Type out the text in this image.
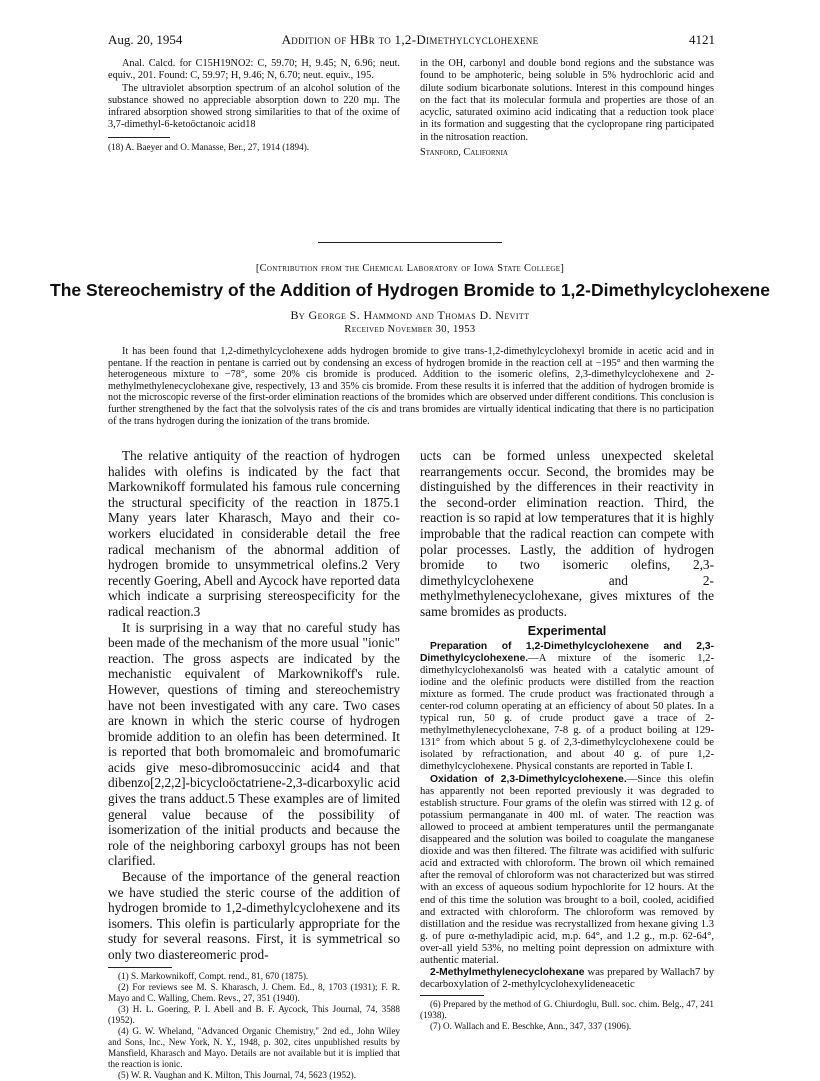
Aug. 20, 1954	Addition of HBr to 1,2-Dimethylcyclohexene	4121

Anal. Calcd. for C15H19NO2: C, 59.70; H, 9.45; N, 6.96; neut. equiv., 201. Found: C, 59.97; H, 9.46; N, 6.70; neut. equiv., 195.

The ultraviolet absorption spectrum of an alcohol solution of the substance showed no appreciable absorption down to 220 mμ. The infrared absorption showed strong similarities to that of the oxime of 3,7-dimethyl-6-ketoöctanoic acid18

(18) A. Baeyer and O. Manasse, Ber., 27, 1914 (1894).

in the OH, carbonyl and double bond regions and the substance was found to be amphoteric, being soluble in 5% hydrochloric acid and dilute sodium bicarbonate solutions. Interest in this compound hinges on the fact that its molecular formula and properties are those of an acyclic, saturated oximino acid indicating that a reduction took place in its formation and suggesting that the cyclopropane ring participated in the nitrosation reaction.

Stanford, California

[Contribution from the Chemical Laboratory of Iowa State College]
The Stereochemistry of the Addition of Hydrogen Bromide to 1,2-Dimethylcyclohexene
By George S. Hammond and Thomas D. Nevitt
Received November 30, 1953
It has been found that 1,2-dimethylcyclohexene adds hydrogen bromide to give trans-1,2-dimethylcyclohexyl bromide in acetic acid and in pentane. If the reaction in pentane is carried out by condensing an excess of hydrogen bromide in the reaction cell at −195° and then warming the heterogeneous mixture to −78°, some 20% cis bromide is produced. Addition to the isomeric olefins, 2,3-dimethylcyclohexene and 2-methylmethylenecyclohexane give, respectively, 13 and 35% cis bromide. From these results it is inferred that the addition of hydrogen bromide is not the microscopic reverse of the first-order elimination reactions of the bromides which are observed under different conditions. This conclusion is further strengthened by the fact that the solvolysis rates of the cis and trans bromides are virtually identical indicating that there is no participation of the trans hydrogen during the ionization of the trans bromide.

The relative antiquity of the reaction of hydrogen halides with olefins is indicated by the fact that Markownikoff formulated his famous rule concerning the structural specificity of the reaction in 1875.1 Many years later Kharasch, Mayo and their co-workers elucidated in considerable detail the free radical mechanism of the abnormal addition of hydrogen bromide to unsymmetrical olefins.2 Very recently Goering, Abell and Aycock have reported data which indicate a surprising stereospecificity for the radical reaction.3

It is surprising in a way that no careful study has been made of the mechanism of the more usual "ionic" reaction. The gross aspects are indicated by the mechanistic equivalent of Markownikoff's rule. However, questions of timing and stereochemistry have not been investigated with any care. Two cases are known in which the steric course of hydrogen bromide addition to an olefin has been determined. It is reported that both bromomaleic and bromofumaric acids give meso-dibromosuccinic acid4 and that dibenzo[2,2,2]-bicycloöctatriene-2,3-dicarboxylic acid gives the trans adduct.5 These examples are of limited general value because of the possibility of isomerization of the initial products and because the role of the neighboring carboxyl groups has not been clarified.

Because of the importance of the general reaction we have studied the steric course of the addition of hydrogen bromide to 1,2-dimethylcyclohexene and its isomers. This olefin is particularly appropriate for the study for several reasons. First, it is symmetrical so only two diastereomeric prod-

(1) S. Markownikoff, Compt. rend., 81, 670 (1875).

(2) For reviews see M. S. Kharasch, J. Chem. Ed., 8, 1703 (1931); F. R. Mayo and C. Walling, Chem. Revs., 27, 351 (1940).

(3) H. L. Goering, P. I. Abell and B. F. Aycock, This Journal, 74, 3588 (1952).

(4) G. W. Wheland, "Advanced Organic Chemistry," 2nd ed., John Wiley and Sons, Inc., New York, N. Y., 1948, p. 302, cites unpublished results by Mansfield, Kharasch and Mayo. Details are not available but it is implied that the reaction is ionic.

(5) W. R. Vaughan and K. Milton, This Journal, 74, 5623 (1952).

ucts can be formed unless unexpected skeletal rearrangements occur. Second, the bromides may be distinguished by the differences in their reactivity in the second-order elimination reaction. Third, the reaction is so rapid at low temperatures that it is highly improbable that the radical reaction can compete with polar processes. Lastly, the addition of hydrogen bromide to two isomeric olefins, 2,3-dimethylcyclohexene and 2-methylmethylenecyclohexane, gives mixtures of the same bromides as products.

Experimental

Preparation of 1,2-Dimethylcyclohexene and 2,3-Dimethylcyclohexene.—A mixture of the isomeric 1,2-dimethylcyclohexanols6 was heated with a catalytic amount of iodine and the olefinic products were distilled from the reaction mixture as formed. The crude product was fractionated through a center-rod column operating at an efficiency of about 50 plates. In a typical run, 50 g. of crude product gave a trace of 2-methylmethylenecyclohexane, 7-8 g. of a product boiling at 129-131° from which about 5 g. of 2,3-dimethylcyclohexene could be isolated by refractionation, and about 40 g. of pure 1,2-dimethylcyclohexene. Physical constants are reported in Table I.

Oxidation of 2,3-Dimethylcyclohexene.—Since this olefin has apparently not been reported previously it was degraded to establish structure. Four grams of the olefin was stirred with 12 g. of potassium permanganate in 400 ml. of water. The reaction was allowed to proceed at ambient temperatures until the permanganate disappeared and the solution was boiled to coagulate the manganese dioxide and was then filtered. The filtrate was acidified with sulfuric acid and extracted with chloroform. The brown oil which remained after the removal of chloroform was not characterized but was stirred with an excess of aqueous sodium hypochlorite for 12 hours. At the end of this time the solution was brought to a boil, cooled, acidified and extracted with chloroform. The chloroform was removed by distillation and the residue was recrystallized from hexane giving 1.3 g. of pure α-methyladipic acid, m.p. 64°, and 1.2 g., m.p. 62-64°, over-all yield 53%, no melting point depression on admixture with authentic material.

2-Methylmethylenecyclohexane was prepared by Wallach7 by decarboxylation of 2-methylcyclohexylideneacetic

(6) Prepared by the method of G. Chiurdoglu, Bull. soc. chim. Belg., 47, 241 (1938).

(7) O. Wallach and E. Beschke, Ann., 347, 337 (1906).
